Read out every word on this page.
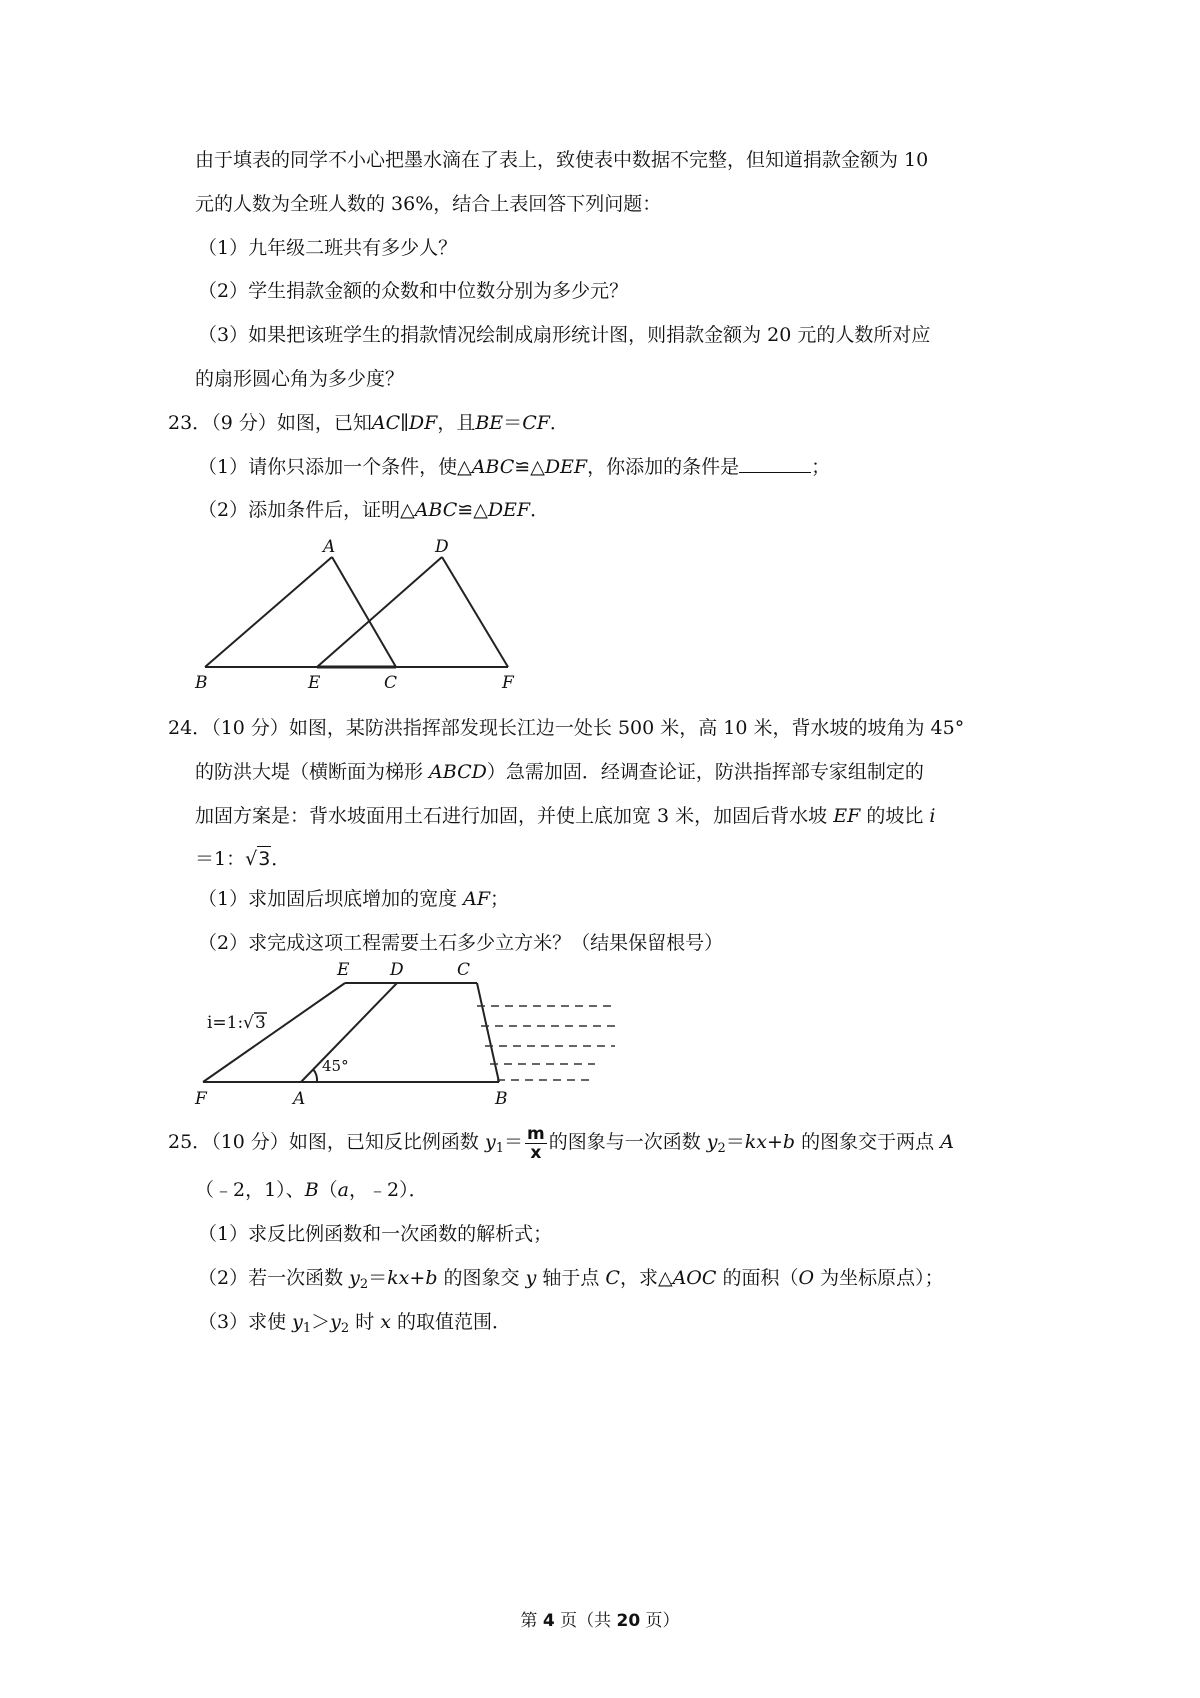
由于填表的同学不小心把墨水滴在了表上，致使表中数据不完整，但知道捐款金额为 10
元的人数为全班人数的 36%，结合上表回答下列问题：
（1）九年级二班共有多少人？
（2）学生捐款金额的众数和中位数分别为多少元？
（3）如果把该班学生的捐款情况绘制成扇形统计图，则捐款金额为 20 元的人数所对应
的扇形圆心角为多少度？
23．（9 分）如图，已知AC∥DF，且BE＝CF．
（1）请你只添加一个条件，使△ABC≌△DEF，你添加的条件是	；
（2）添加条件后，证明△ABC≌△DEF．
A	D
B	E	C	F
24．（10 分）如图，某防洪指挥部发现长江边一处长 500 米，高 10 米，背水坡的坡角为 45°
的防洪大堤（横断面为梯形 ABCD）急需加固．经调查论证，防洪指挥部专家组制定的
加固方案是：背水坡面用土石进行加固，并使上底加宽 3 米，加固后背水坡 EF 的坡比 i
＝1：√3．
（1）求加固后坝底增加的宽度 AF；
（2）求完成这项工程需要土石多少立方米？（结果保留根号）
E D	C
F	A	B
i=1: √ 3
45°
25．（10 分）如图，已知反比例函数 $y_1= \frac{m}{x}$ 的图象与一次函数 $y_2=kx+b$ 的图象交于两点 A
（﹣2，1）、B（a，﹣2）．
（1）求反比例函数和一次函数的解析式；
（2）若一次函数 $y_2=kx+b$ 的图象交 y 轴于点 C，求△AOC 的面积（O 为坐标原点）；
（3）求使 $y_1>y_2$ 时 x 的取值范围．
第 4 页（共 20 页）
